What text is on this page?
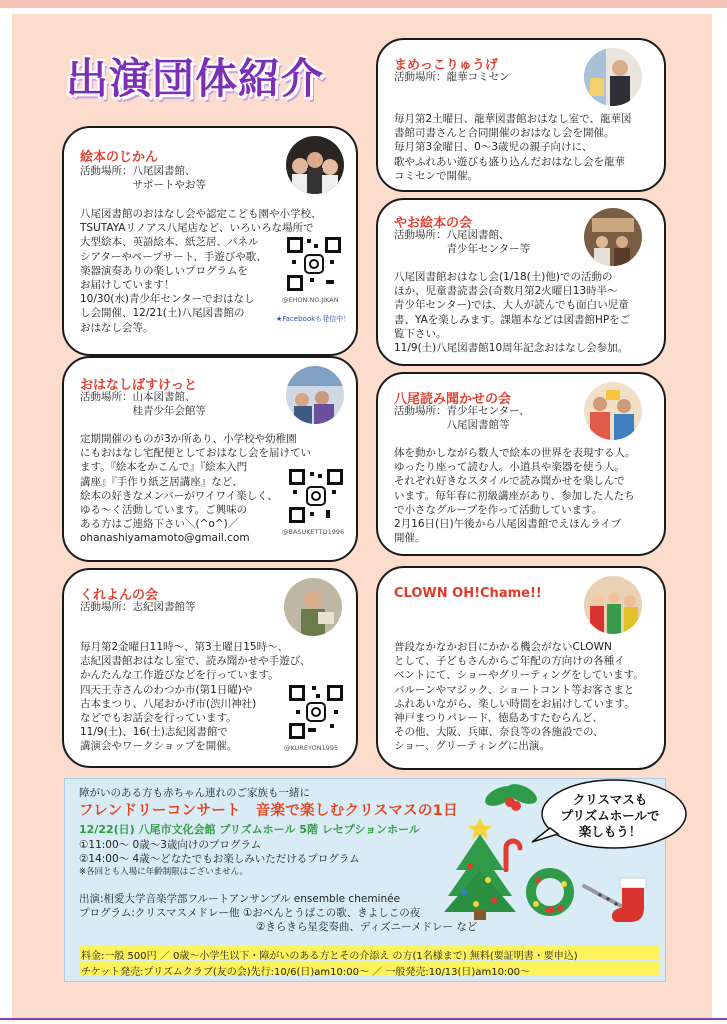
出演団体紹介
絵本のじかん
活動場所：八尾図書館、
　　　　　サポートやお等
八尾図書館のおはなし会や認定こども園や小学校、
TSUTAYAリノアス八尾店など、いろいろな場所で
大型絵本、英語絵本、紙芝居、パネル
シアターやペープサート、手遊びや歌、
楽器演奏ありの楽しいプログラムを
お届けしています！
10/30(水)青少年センターでおはなし
し会開催、12/21(土)八尾図書館の
おはなし会等。
@EHON.NO.JIKAN
★Facebookも発信中！
おはなしばすけっと
活動場所：山本図書館、
　　　　　桂青少年会館等
定期開催のものが3か所あり、小学校や幼稚園
にもおはなし宅配便としておはなし会を届けてい
ます。『絵本をかこんで』『絵本入門
講座』『手作り紙芝居講座』など、
絵本の好きなメンバーがワイワイ楽しく、
ゆる～く活動しています。ご興味の
ある方はご連絡下さい＼(^o^)／
ohanashiyamamoto@gmail.com
@BASUKETTO1996
くれよんの会
活動場所：志紀図書館等
毎月第2金曜日11時～、第3土曜日15時～、
志紀図書館おはなし室で、読み聞かせや手遊び、
かんたんな工作遊びなどを行っています。
四天王寺さんのわつか市(第1日曜)や
古本まつり、八尾おかげ市(渋川神社)
などでもお話会を行っています。
11/9(土)、16(土)志紀図書館で
講演会やワークショップを開催。	@KUREYON1995
まめっこりゅうげ
活動場所：龍華コミセン
毎月第2土曜日、龍華図書館おはなし室で、龍華図
書館司書さんと合同開催のおはなし会を開催。
毎月第3金曜日、0～3歳児の親子向けに、
歌やふれあい遊びも盛り込んだおはなし会を龍華
コミセンで開催。
やお絵本の会
活動場所：八尾図書館、
　　　　　青少年センター等
八尾図書館おはなし会(1/18(土)他)での活動の
ほか、児童書読書会(奇数月第2火曜日13時半～
青少年センター)では、大人が読んでも面白い児童
書、YAを楽しみます。課題本などは図書館HPをご
覧下さい。
11/9(土)八尾図書館10周年記念おはなし会参加。
八尾読み聞かせの会
活動場所：青少年センター、
　　　　　八尾図書館等
体を動かしながら数人で絵本の世界を表現する人。
ゆったり座って読む人。小道具や楽器を使う人。
それぞれ好きなスタイルで読み聞かせを楽しんで
います。毎年春に初級講座があり、参加した人たち
で小さなグループを作って活動しています。
2月16日(日)午後から八尾図書館でえほんライブ
開催。
CLOWN OH!Chame!!
普段なかなかお目にかかる機会がないCLOWN
として、子どもさんからご年配の方向けの各種イ
ベントにて、ショーやグリーティングをしています。
バルーンやマジック、ショートコント等お客さまと
ふれあいながら、楽しい時間をお届けしています。
神戸まつりパレード、徳島あすたむらんど、
その他、大阪、兵庫、奈良等の各施設での、
ショー、グリーティングに出演。
障がいのある方も赤ちゃん連れのご家族も一緒に
フレンドリーコンサート　音楽で楽しむクリスマスの1日
12/22(日) 八尾市文化会館 プリズムホール 5階 レセプションホール
①11:00～ 0歳～3歳向けのプログラム
②14:00～ 4歳～どなたでもお楽しみいただけるプログラム
※各回とも入場に年齢制限はございません。
出演:相愛大学音楽学部フルートアンサンブル ensemble cheminée
プログラム:クリスマスメドレー他 ①おべんとうばこの歌、きよしこの夜
②きらきら星変奏曲、ディズニーメドレー など
料金:一般 500円 ／ 0歳～小学生以下・障がいのある方とその介添え の方(1名様まで) 無料(要証明書・要申込)
チケット発売:プリズムクラブ(友の会)先行:10/6(日)am10:00～ ／ 一般発売:10/13(日)am10:00～
クリスマスも
プリズムホールで
楽しもう！
